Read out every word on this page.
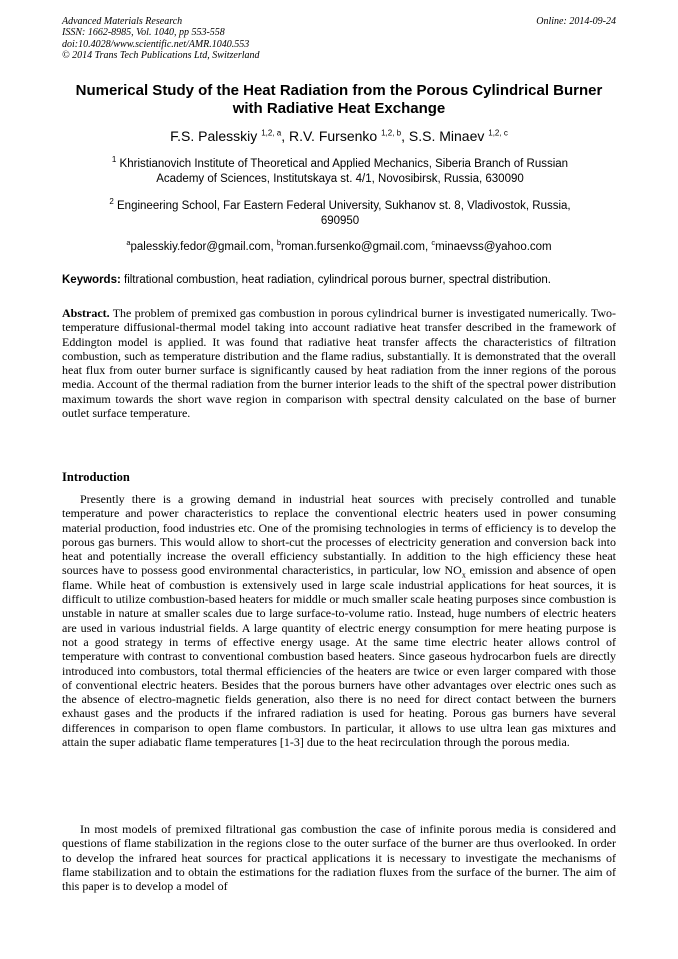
Advanced Materials Research
ISSN: 1662-8985, Vol. 1040, pp 553-558
doi:10.4028/www.scientific.net/AMR.1040.553
© 2014 Trans Tech Publications Ltd, Switzerland
Online: 2014-09-24
Numerical Study of the Heat Radiation from the Porous Cylindrical Burner with Radiative Heat Exchange
F.S. Palesskiy $^{1,2, a}$, R.V. Fursenko $^{1,2, b}$, S.S. Minaev $^{1,2, c}$
$^1$ Khristianovich Institute of Theoretical and Applied Mechanics, Siberia Branch of Russian Academy of Sciences, Institutskaya st. 4/1, Novosibirsk, Russia, 630090
$^2$ Engineering School, Far Eastern Federal University, Sukhanov st. 8, Vladivostok, Russia, 690950
$^a$palesskiy.fedor@gmail.com, $^b$roman.fursenko@gmail.com, $^c$minaevss@yahoo.com
Keywords: filtrational combustion, heat radiation, cylindrical porous burner, spectral distribution.
Abstract. The problem of premixed gas combustion in porous cylindrical burner is investigated numerically. Two-temperature diffusional-thermal model taking into account radiative heat transfer described in the framework of Eddington model is applied. It was found that radiative heat transfer affects the characteristics of filtration combustion, such as temperature distribution and the flame radius, substantially. It is demonstrated that the overall heat flux from outer burner surface is significantly caused by heat radiation from the inner regions of the porous media. Account of the thermal radiation from the burner interior leads to the shift of the spectral power distribution maximum towards the short wave region in comparison with spectral density calculated on the base of burner outlet surface temperature.
Introduction
Presently there is a growing demand in industrial heat sources with precisely controlled and tunable temperature and power characteristics to replace the conventional electric heaters used in power consuming material production, food industries etc. One of the promising technologies in terms of efficiency is to develop the porous gas burners. This would allow to short-cut the processes of electricity generation and conversion back into heat and potentially increase the overall efficiency substantially. In addition to the high efficiency these heat sources have to possess good environmental characteristics, in particular, low $NO_x$ emission and absence of open flame. While heat of combustion is extensively used in large scale industrial applications for heat sources, it is difficult to utilize combustion-based heaters for middle or much smaller scale heating purposes since combustion is unstable in nature at smaller scales due to large surface-to-volume ratio. Instead, huge numbers of electric heaters are used in various industrial fields. A large quantity of electric energy consumption for mere heating purpose is not a good strategy in terms of effective energy usage. At the same time electric heater allows control of temperature with contrast to conventional combustion based heaters. Since gaseous hydrocarbon fuels are directly introduced into combustors, total thermal efficiencies of the heaters are twice or even larger compared with those of conventional electric heaters. Besides that the porous burners have other advantages over electric ones such as the absence of electro-magnetic fields generation, also there is no need for direct contact between the burners exhaust gases and the products if the infrared radiation is used for heating. Porous gas burners have several differences in comparison to open flame combustors. In particular, it allows to use ultra lean gas mixtures and attain the super adiabatic flame temperatures [1-3] due to the heat recirculation through the porous media.
In most models of premixed filtrational gas combustion the case of infinite porous media is considered and questions of flame stabilization in the regions close to the outer surface of the burner are thus overlooked. In order to develop the infrared heat sources for practical applications it is necessary to investigate the mechanisms of flame stabilization and to obtain the estimations for the radiation fluxes from the surface of the burner. The aim of this paper is to develop a model of
